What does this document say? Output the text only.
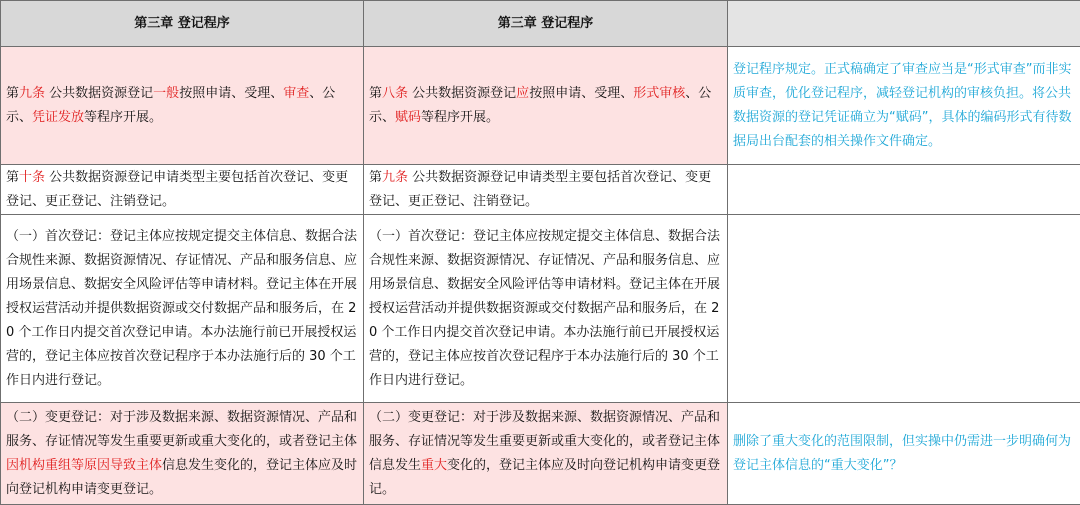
第三章 登记程序	第三章 登记程序	
第九条 公共数据资源登记一般按照申请、受理、审查、公示、凭证发放等程序开展。	第八条 公共数据资源登记应按照申请、受理、形式审核、公示、赋码等程序开展。	登记程序规定。正式稿确定了审查应当是“形式审查”而非实质审查，优化登记程序，减轻登记机构的审核负担。将公共数据资源的登记凭证确立为“赋码”，具体的编码形式有待数据局出台配套的相关操作文件确定。
第十条 公共数据资源登记申请类型主要包括首次登记、变更登记、更正登记、注销登记。	第九条 公共数据资源登记申请类型主要包括首次登记、变更登记、更正登记、注销登记。	
（一）首次登记：登记主体应按规定提交主体信息、数据合法合规性来源、数据资源情况、存证情况、产品和服务信息、应用场景信息、数据安全风险评估等申请材料。登记主体在开展授权运营活动并提供数据资源或交付数据产品和服务后，在 20 个工作日内提交首次登记申请。本办法施行前已开展授权运营的，登记主体应按首次登记程序于本办法施行后的 30 个工作日内进行登记。	（一）首次登记：登记主体应按规定提交主体信息、数据合法合规性来源、数据资源情况、存证情况、产品和服务信息、应用场景信息、数据安全风险评估等申请材料。登记主体在开展授权运营活动并提供数据资源或交付数据产品和服务后，在 20 个工作日内提交首次登记申请。本办法施行前已开展授权运营的，登记主体应按首次登记程序于本办法施行后的 30 个工作日内进行登记。	
（二）变更登记：对于涉及数据来源、数据资源情况、产品和服务、存证情况等发生重要更新或重大变化的，或者登记主体因机构重组等原因导致主体信息发生变化的，登记主体应及时向登记机构申请变更登记。	（二）变更登记：对于涉及数据来源、数据资源情况、产品和服务、存证情况等发生重要更新或重大变化的，或者登记主体信息发生重大变化的，登记主体应及时向登记机构申请变更登记。	删除了重大变化的范围限制，但实操中仍需进一步明确何为登记主体信息的“重大变化”？
